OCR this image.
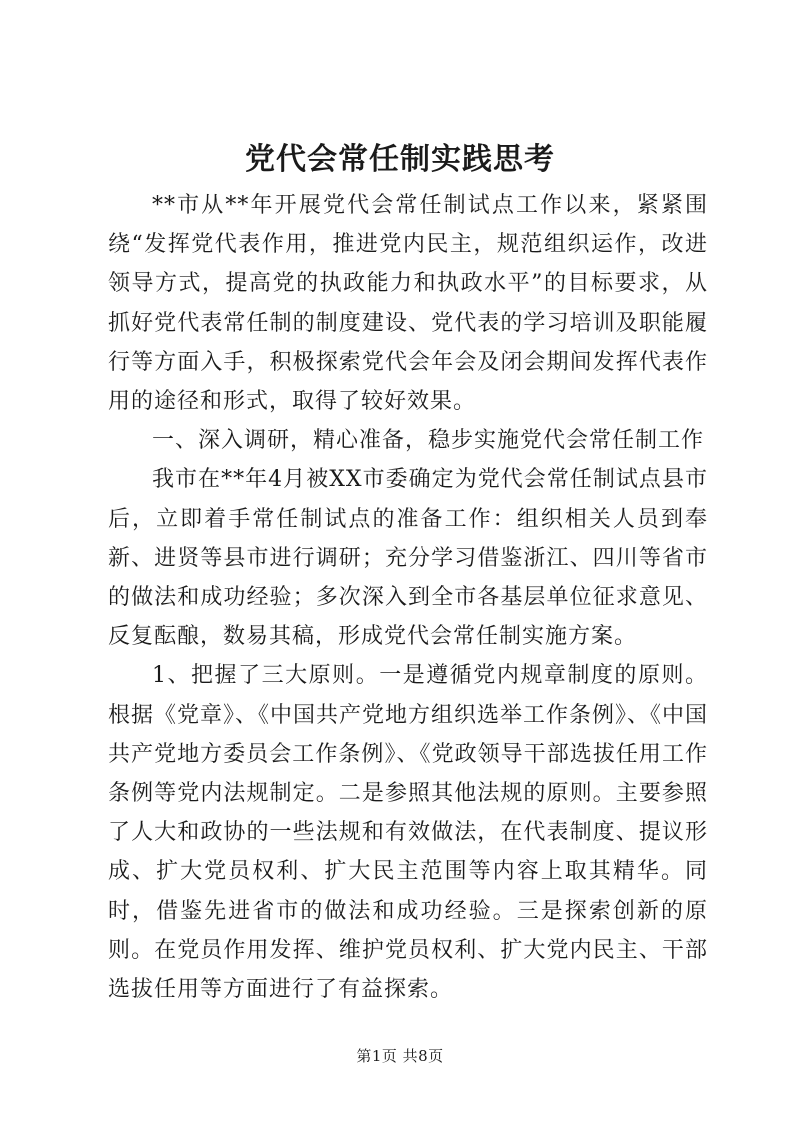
党代会常任制实践思考

**市从**年开展党代会常任制试点工作以来，紧紧围绕“发挥党代表作用，推进党内民主，规范组织运作，改进领导方式，提高党的执政能力和执政水平”的目标要求，从抓好党代表常任制的制度建设、党代表的学习培训及职能履行等方面入手，积极探索党代会年会及闭会期间发挥代表作用的途径和形式，取得了较好效果。

一、深入调研，精心准备，稳步实施党代会常任制工作

我市在**年4月被XX市委确定为党代会常任制试点县市后，立即着手常任制试点的准备工作：组织相关人员到奉新、进贤等县市进行调研；充分学习借鉴浙江、四川等省市的做法和成功经验；多次深入到全市各基层单位征求意见、反复酝酿，数易其稿，形成党代会常任制实施方案。

1、把握了三大原则。一是遵循党内规章制度的原则。根据《党章》、《中国共产党地方组织选举工作条例》、《中国共产党地方委员会工作条例》、《党政领导干部选拔任用工作条例等党内法规制定。二是参照其他法规的原则。主要参照了人大和政协的一些法规和有效做法，在代表制度、提议形成、扩大党员权利、扩大民主范围等内容上取其精华。同时，借鉴先进省市的做法和成功经验。三是探索创新的原则。在党员作用发挥、维护党员权利、扩大党内民主、干部选拔任用等方面进行了有益探索。

第1页 共8页
